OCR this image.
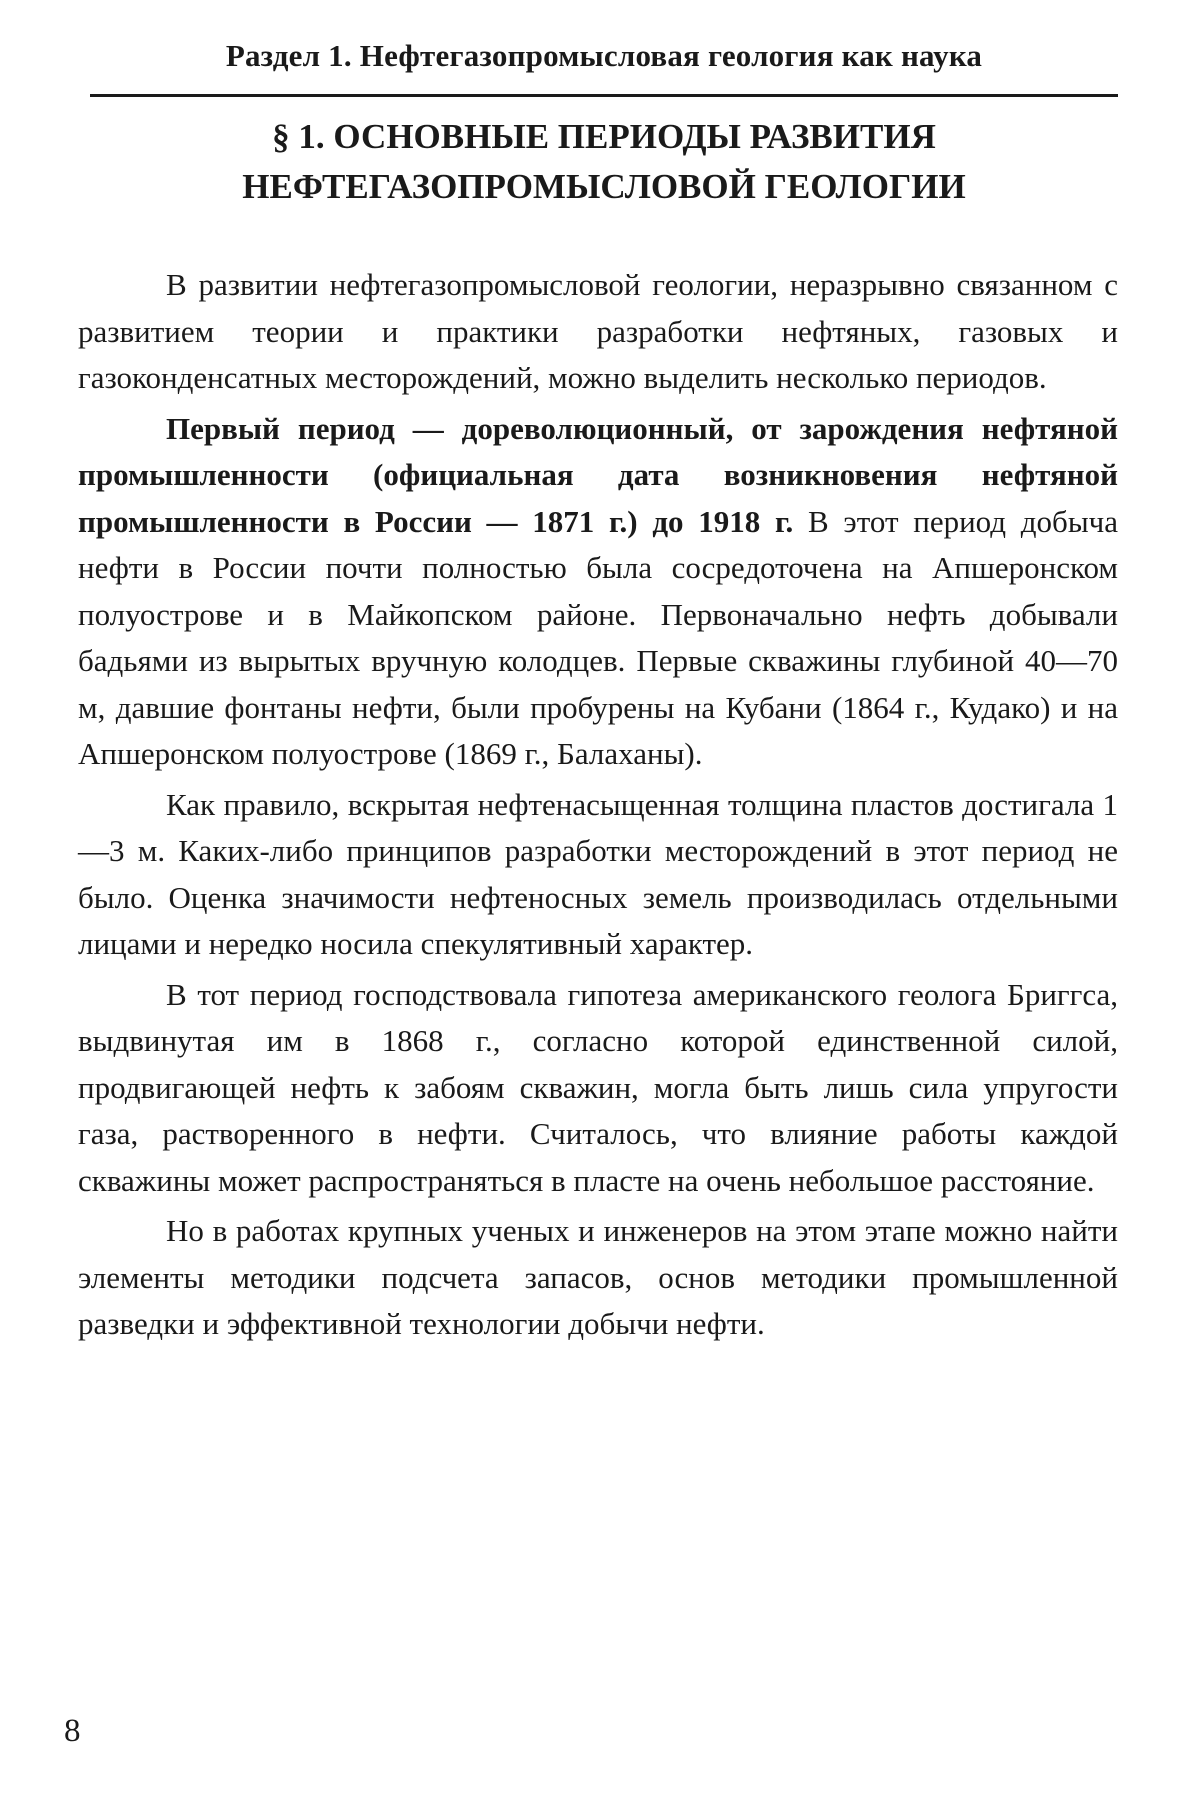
Раздел 1. Нефтегазопромысловая геология как наука
§ 1. ОСНОВНЫЕ ПЕРИОДЫ РАЗВИТИЯ
НЕФТЕГАЗОПРОМЫСЛОВОЙ ГЕОЛОГИИ

В развитии нефтегазопромысловой геологии, неразрывно связанном с развитием теории и практики разработки нефтяных, газовых и газоконденсатных месторождений, можно выделить несколько периодов.

Первый период — дореволюционный, от зарождения нефтяной промышленности (официальная дата возникновения нефтяной промышленности в России — 1871 г.) до 1918 г. В этот период добыча нефти в России почти полностью была сосредоточена на Апшеронском полуострове и в Майкопском районе. Первоначально нефть добывали бадьями из вырытых вручную колодцев. Первые скважины глубиной 40—70 м, давшие фонтаны нефти, были пробурены на Кубани (1864 г., Кудако) и на Апшеронском полуострове (1869 г., Балаханы).

Как правило, вскрытая нефтенасыщенная толщина пластов достигала 1—3 м. Каких-либо принципов разработки месторождений в этот период не было. Оценка значимости нефтеносных земель производилась отдельными лицами и нередко носила спекулятивный характер.

В тот период господствовала гипотеза американского геолога Бриггса, выдвинутая им в 1868 г., согласно которой единственной силой, продвигающей нефть к забоям скважин, могла быть лишь сила упругости газа, растворенного в нефти. Считалось, что влияние работы каждой скважины может распространяться в пласте на очень небольшое расстояние.

Но в работах крупных ученых и инженеров на этом этапе можно найти элементы методики подсчета запасов, основ методики промышленной разведки и эффективной технологии добычи нефти.

8
